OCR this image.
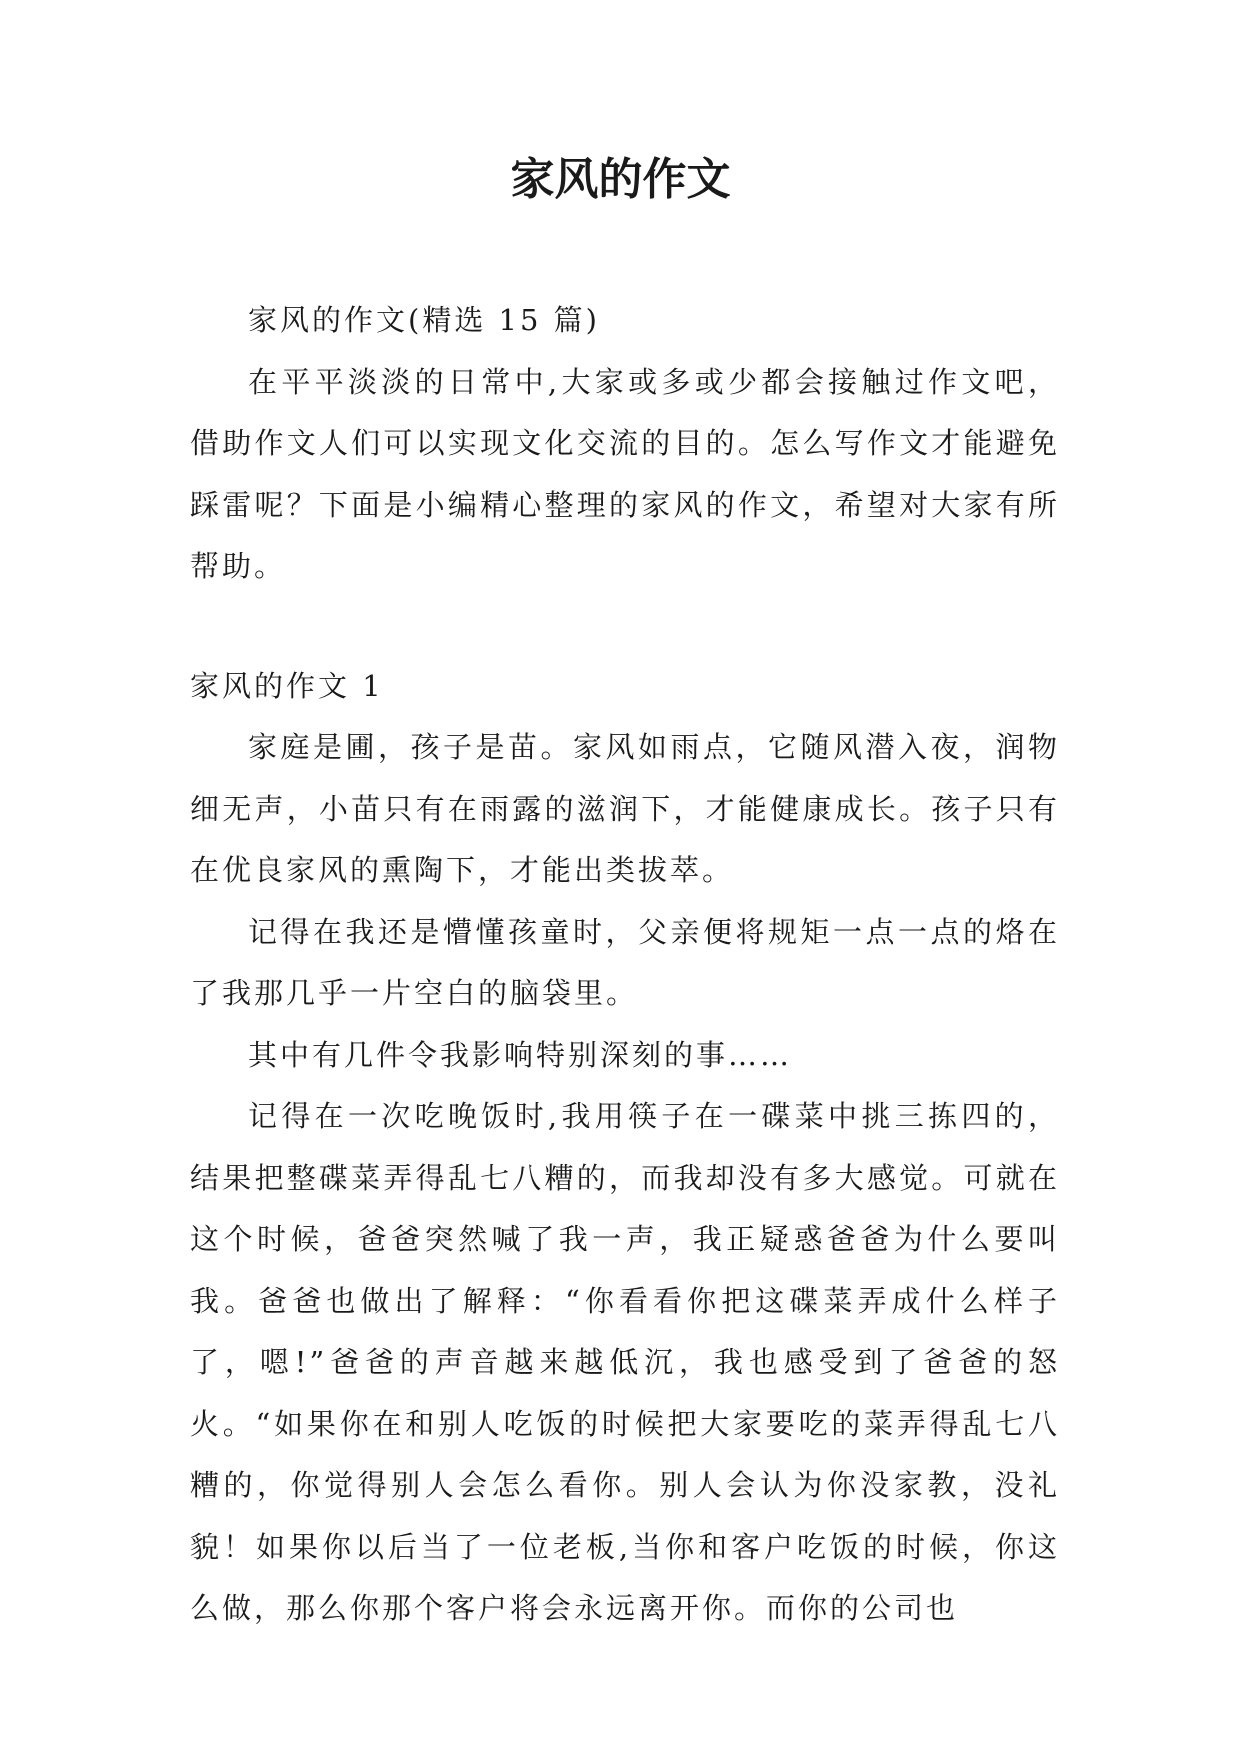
家风的作文

家风的作文(精选 15 篇)

在平平淡淡的日常中,大家或多或少都会接触过作文吧，借助作文人们可以实现文化交流的目的。怎么写作文才能避免踩雷呢？下面是小编精心整理的家风的作文，希望对大家有所帮助。

家风的作文 1

家庭是圃，孩子是苗。家风如雨点，它随风潜入夜，润物细无声，小苗只有在雨露的滋润下，才能健康成长。孩子只有在优良家风的熏陶下，才能出类拔萃。

记得在我还是懵懂孩童时，父亲便将规矩一点一点的烙在了我那几乎一片空白的脑袋里。

其中有几件令我影响特别深刻的事……

记得在一次吃晚饭时,我用筷子在一碟菜中挑三拣四的，结果把整碟菜弄得乱七八糟的，而我却没有多大感觉。可就在这个时候，爸爸突然喊了我一声，我正疑惑爸爸为什么要叫我。爸爸也做出了解释：“你看看你把这碟菜弄成什么样子了，嗯!”爸爸的声音越来越低沉，我也感受到了爸爸的怒火。“如果你在和别人吃饭的时候把大家要吃的菜弄得乱七八糟的，你觉得别人会怎么看你。别人会认为你没家教，没礼貌！如果你以后当了一位老板,当你和客户吃饭的时候，你这么做，那么你那个客户将会永远离开你。而你的公司也
